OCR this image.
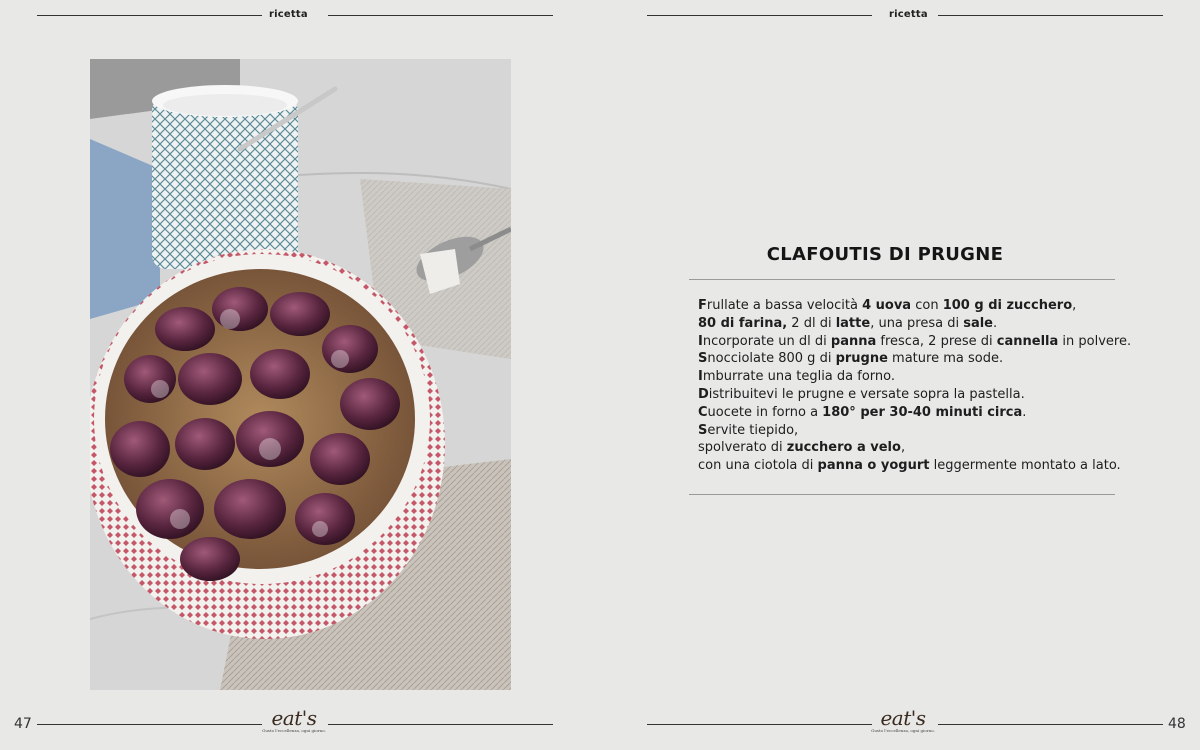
ricetta
47	eat's
Gusto l'eccellenza, ogni giorno.
ricetta
CLAFOUTIS DI PRUGNE
Frullate a bassa velocità 4 uova con 100 g di zucchero,
80 di farina, 2 dl di latte, una presa di sale.
Incorporate un dl di panna fresca, 2 prese di cannella in polvere.
Snocciolate 800 g di prugne mature ma sode.
Imburrate una teglia da forno.
Distribuitevi le prugne e versate sopra la pastella.
Cuocete in forno a 180° per 30-40 minuti circa.
Servite tiepido,
spolverato di zucchero a velo,
con una ciotola di panna o yogurt leggermente montato a lato.
eat's
Gusto l'eccellenza, ogni giorno.	48
